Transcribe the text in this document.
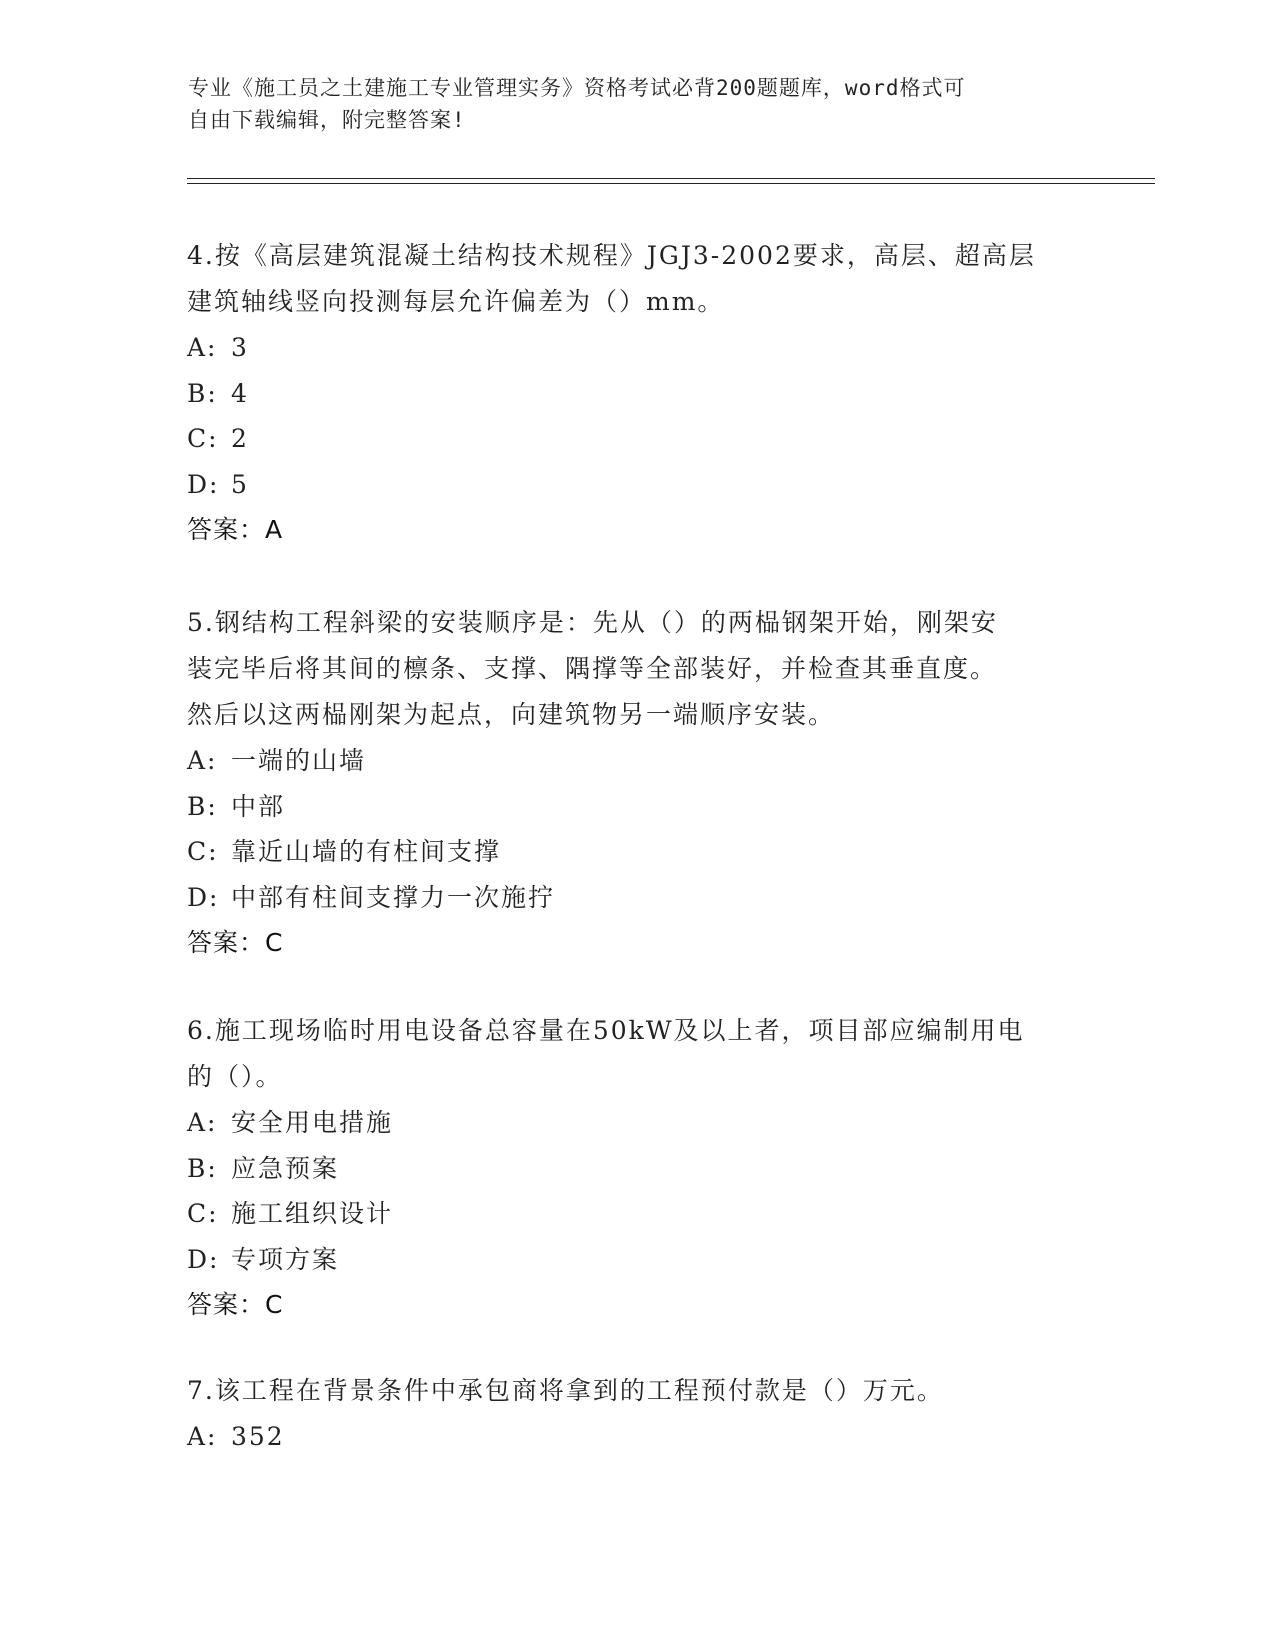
专业《施工员之土建施工专业管理实务》资格考试必背200题题库，word格式可
自由下载编辑，附完整答案!
4.按《高层建筑混凝土结构技术规程》JGJ3-2002要求，高层、超高层
建筑轴线竖向投测每层允许偏差为（）mm。
A: 3
B: 4
C: 2
D: 5
答案：A
5.钢结构工程斜梁的安装顺序是：先从（）的两榀钢架开始，刚架安
装完毕后将其间的檩条、支撑、隅撑等全部装好，并检查其垂直度。
然后以这两榀刚架为起点，向建筑物另一端顺序安装。
A: 一端的山墙
B: 中部
C: 靠近山墙的有柱间支撑
D: 中部有柱间支撑力一次施拧
答案：C
6.施工现场临时用电设备总容量在50kW及以上者，项目部应编制用电
的（）。
A: 安全用电措施
B: 应急预案
C: 施工组织设计
D: 专项方案
答案：C
7.该工程在背景条件中承包商将拿到的工程预付款是（）万元。
A: 352
